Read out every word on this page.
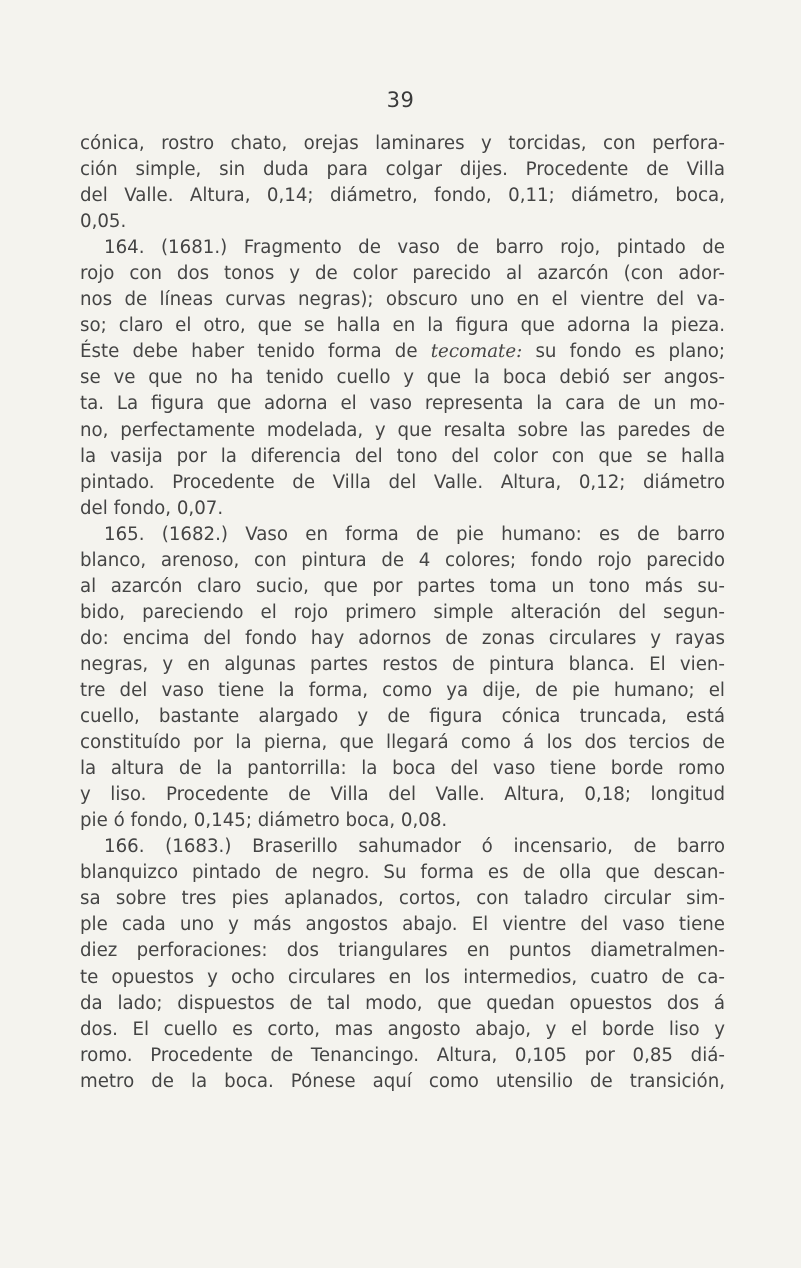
39
cónica, rostro chato, orejas laminares y torcidas, con perfora-
ción simple, sin duda para colgar dijes. Procedente de Villa
del Valle. Altura, 0,14; diámetro, fondo, 0,11; diámetro, boca,
0,05.
164. (1681.) Fragmento de vaso de barro rojo, pintado de
rojo con dos tonos y de color parecido al azarcón (con ador-
nos de líneas curvas negras); obscuro uno en el vientre del va-
so; claro el otro, que se halla en la figura que adorna la pieza.
Éste debe haber tenido forma de tecomate: su fondo es plano;
se ve que no ha tenido cuello y que la boca debió ser angos-
ta. La figura que adorna el vaso representa la cara de un mo-
no, perfectamente modelada, y que resalta sobre las paredes de
la vasija por la diferencia del tono del color con que se halla
pintado. Procedente de Villa del Valle. Altura, 0,12; diámetro
del fondo, 0,07.
165. (1682.) Vaso en forma de pie humano: es de barro
blanco, arenoso, con pintura de 4 colores; fondo rojo parecido
al azarcón claro sucio, que por partes toma un tono más su-
bido, pareciendo el rojo primero simple alteración del segun-
do: encima del fondo hay adornos de zonas circulares y rayas
negras, y en algunas partes restos de pintura blanca. El vien-
tre del vaso tiene la forma, como ya dije, de pie humano; el
cuello, bastante alargado y de figura cónica truncada, está
constituído por la pierna, que llegará como á los dos tercios de
la altura de la pantorrilla: la boca del vaso tiene borde romo
y liso. Procedente de Villa del Valle. Altura, 0,18; longitud
pie ó fondo, 0,145; diámetro boca, 0,08.
166. (1683.) Braserillo sahumador ó incensario, de barro
blanquizco pintado de negro. Su forma es de olla que descan-
sa sobre tres pies aplanados, cortos, con taladro circular sim-
ple cada uno y más angostos abajo. El vientre del vaso tiene
diez perforaciones: dos triangulares en puntos diametralmen-
te opuestos y ocho circulares en los intermedios, cuatro de ca-
da lado; dispuestos de tal modo, que quedan opuestos dos á
dos. El cuello es corto, mas angosto abajo, y el borde liso y
romo. Procedente de Tenancingo. Altura, 0,105 por 0,85 diá-
metro de la boca. Pónese aquí como utensilio de transición,
